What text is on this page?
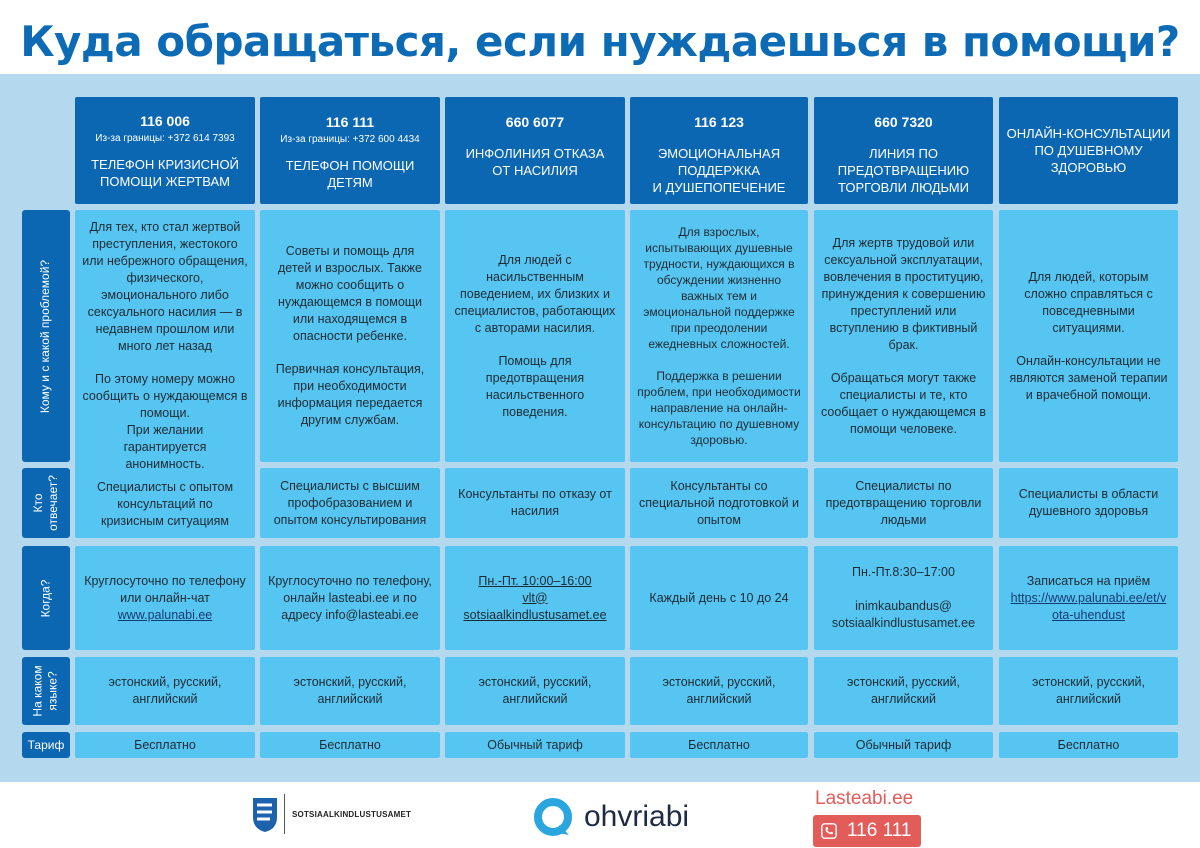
Куда обращаться, если нуждаешься в помощи?
Кому и с какой проблемой?
Кто
отвечает?
Когда?
На каком
языке?
Тариф
116 006
Из-за границы: +372 614 7393
ТЕЛЕФОН КРИЗИСНОЙ
ПОМОЩИ ЖЕРТВАМ

Для тех, кто стал жертвой
преступления, жестокого
или небрежного обращения,
физического,
эмоционального либо
сексуального насилия — в
недавнем прошлом или
много лет назад

По этому номеру можно
сообщить о нуждающемся в
помощи.
При желании
гарантируется
анонимность.

Специалисты с опытом
консультаций по
кризисным ситуациям

Круглосуточно по телефону
или онлайн-чат
www.palunabi.ee

эстонский, русский,
английский

Бесплатно

116 111
Из-за границы: +372 600 4434
ТЕЛЕФОН ПОМОЩИ ДЕТЯМ

Советы и помощь для
детей и взрослых. Также
можно сообщить о
нуждающемся в помощи
или находящемся в
опасности ребенке.

Первичная консультация,
при необходимости
информация передается
другим службам.

Специалисты с высшим
профобразованием и
опытом консультирования

Круглосуточно по телефону,
онлайн lasteabi.ee и по
адресу info@lasteabi.ee

эстонский, русский,
английский

Бесплатно

660 6077
ИНФОЛИНИЯ ОТКАЗА
ОТ НАСИЛИЯ

Для людей с
насильственным
поведением, их близких и
специалистов, работающих
с авторами насилия.

Помощь для
предотвращения
насильственного
поведения.

Консультанты по отказу от
насилия

Пн.-Пт. 10:00–16:00
vlt@
sotsiaalkindlustusamet.ee

эстонский, русский,
английский

Обычный тариф

116 123
ЭМОЦИОНАЛЬНАЯ
ПОДДЕРЖКА
И ДУШЕПОПЕЧЕНИЕ

Для взрослых,
испытывающих душевные
трудности, нуждающихся в
обсуждении жизненно
важных тем и
эмоциональной поддержке
при преодолении
ежедневных сложностей.

Поддержка в решении
проблем, при необходимости
направление на онлайн-
консультацию по душевному
здоровью.

Консультанты со
специальной подготовкой и
опытом

Каждый день с 10 до 24

эстонский, русский,
английский

Бесплатно

660 7320
ЛИНИЯ ПО
ПРЕДОТВРАЩЕНИЮ
ТОРГОВЛИ ЛЮДЬМИ

Для жертв трудовой или
сексуальной эксплуатации,
вовлечения в проституцию,
принуждения к совершению
преступлений или
вступлению в фиктивный
брак.

Обращаться могут также
специалисты и те, кто
сообщает о нуждающемся в
помощи человеке.

Специалисты по
предотвращению торговли
людьми

Пн.-Пт.8:30–17:00

inimkaubandus@
sotsiaalkindlustusamet.ee

эстонский, русский,
английский

Обычный тариф

ОНЛАЙН-КОНСУЛЬТАЦИИ
ПО ДУШЕВНОМУ
ЗДОРОВЬЮ

Для людей, которым
сложно справляться с
повседневными
ситуациями.

Онлайн-консультации не
являются заменой терапии
и врачебной помощи.

Специалисты в области
душевного здоровья

Записаться на приём

https://www.palunabi.ee/et/v
ota-uhendust

эстонский, русский,
английский

Бесплатно

SOTSIAALKINDLUSTUSAMET	ohvriabi
Lasteabi.ee
116 111
